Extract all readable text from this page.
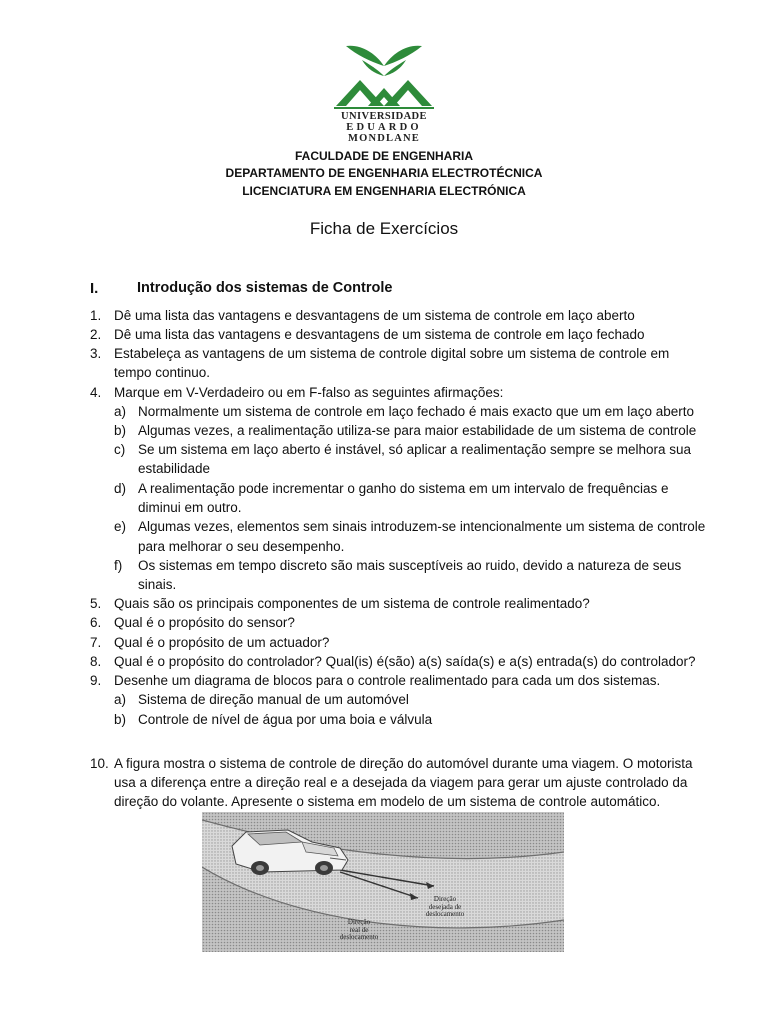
UNIVERSIDADE
EDUARDO
MONDLANE
FACULDADE DE ENGENHARIA
DEPARTAMENTO DE ENGENHARIA ELECTROTÉCNICA
LICENCIATURA EM ENGENHARIA ELECTRÓNICA
Ficha de Exercícios
I.	Introdução dos sistemas de Controle
1. Dê uma lista das vantagens e desvantagens de um sistema de controle em laço aberto
2. Dê uma lista das vantagens e desvantagens de um sistema de controle em laço fechado
3. Estabeleça as vantagens de um sistema de controle digital sobre um sistema de controle em
tempo continuo.
4. Marque em V-Verdadeiro ou em F-falso as seguintes afirmações:
a) Normalmente um sistema de controle em laço fechado é mais exacto que um em laço aberto
b) Algumas vezes, a realimentação utiliza-se para maior estabilidade de um sistema de controle
c) Se um sistema em laço aberto é instável, só aplicar a realimentação sempre se melhora sua
estabilidade
d) A realimentação pode incrementar o ganho do sistema em um intervalo de frequências e
diminui em outro.
e) Algumas vezes, elementos sem sinais introduzem-se intencionalmente um sistema de controle
para melhorar o seu desempenho.
f) Os sistemas em tempo discreto são mais susceptíveis ao ruido, devido a natureza de seus
sinais.
5. Quais são os principais componentes de um sistema de controle realimentado?
6. Qual é o propósito do sensor?
7. Qual é o propósito de um actuador?
8. Qual é o propósito do controlador? Qual(is) é(são) a(s) saída(s) e a(s) entrada(s) do controlador?
9. Desenhe um diagrama de blocos para o controle realimentado para cada um dos sistemas.
a) Sistema de direção manual de um automóvel
b) Controle de nível de água por uma boia e válvula
10. A figura mostra o sistema de controle de direção do automóvel durante uma viagem. O motorista
usa a diferença entre a direção real e a desejada da viagem para gerar um ajuste controlado da
direção do volante. Apresente o sistema em modelo de um sistema de controle automático.
Direção
desejada de
deslocamento
Direção
real de
deslocamento
